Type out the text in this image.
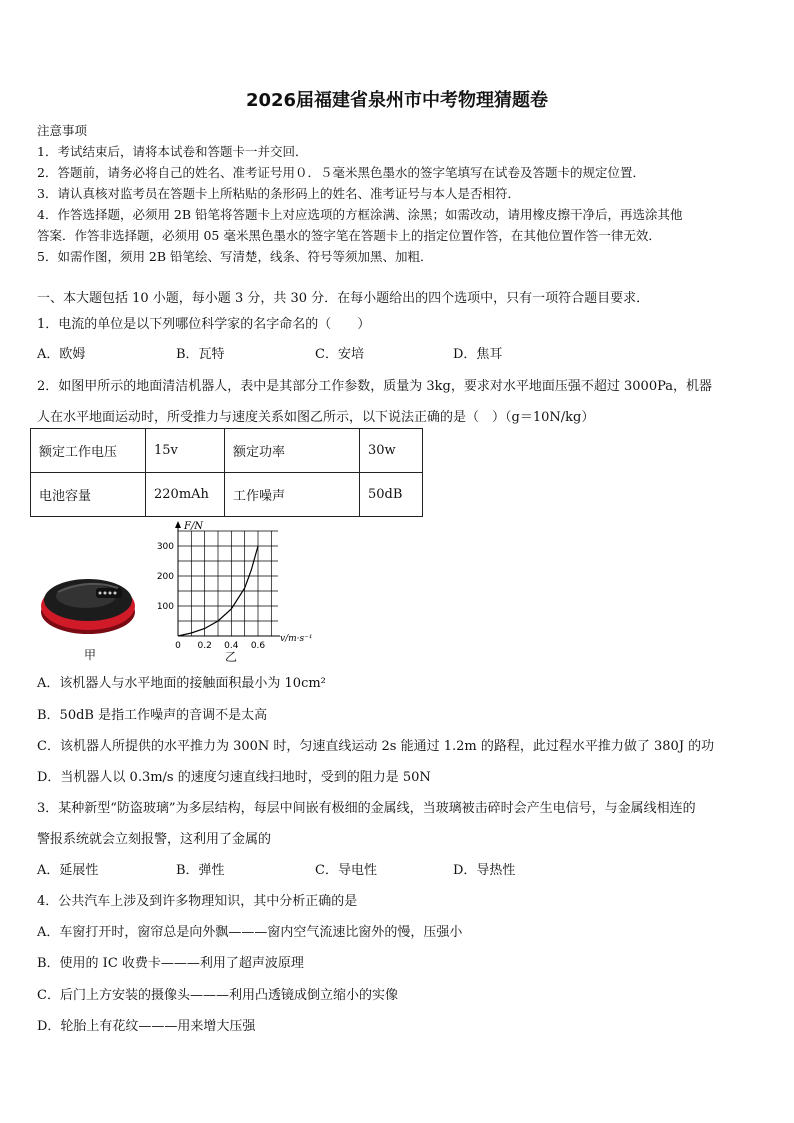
2026届福建省泉州市中考物理猜题卷
注意事项
1．考试结束后，请将本试卷和答题卡一并交回．
2．答题前，请务必将自己的姓名、准考证号用０．５毫米黑色墨水的签字笔填写在试卷及答题卡的规定位置．
3．请认真核对监考员在答题卡上所粘贴的条形码上的姓名、准考证号与本人是否相符．
4．作答选择题，必须用 2B 铅笔将答题卡上对应选项的方框涂满、涂黑；如需改动，请用橡皮擦干净后，再选涂其他
答案．作答非选择题，必须用 05 毫米黑色墨水的签字笔在答题卡上的指定位置作答，在其他位置作答一律无效．
5．如需作图，须用 2B 铅笔绘、写清楚，线条、符号等须加黑、加粗．
一、本大题包括 10 小题，每小题 3 分，共 30 分．在每小题给出的四个选项中，只有一项符合题目要求．
1．电流的单位是以下列哪位科学家的名字命名的（　　）
A．欧姆	B．瓦特	C．安培	D．焦耳
2．如图甲所示的地面清洁机器人，表中是其部分工作参数，质量为 3kg，要求对水平地面压强不超过 3000Pa，机器
人在水平地面运动时，所受推力与速度关系如图乙所示，以下说法正确的是（　）（g＝10N/kg）
额定工作电压	15v	额定功率	30w
电池容量	220mAh	工作噪声	50dB
甲
F/N
v/m·s⁻¹
0 0.2 0.4 0.6
100
200
300
乙
A．该机器人与水平地面的接触面积最小为 10cm²
B．50dB 是指工作噪声的音调不是太高
C．该机器人所提供的水平推力为 300N 时，匀速直线运动 2s 能通过 1.2m 的路程，此过程水平推力做了 380J 的功
D．当机器人以 0.3m/s 的速度匀速直线扫地时，受到的阻力是 50N
3．某种新型“防盗玻璃”为多层结构，每层中间嵌有极细的金属线，当玻璃被击碎时会产生电信号，与金属线相连的
警报系统就会立刻报警，这利用了金属的
A．延展性	B．弹性	C．导电性	D．导热性
4．公共汽车上涉及到许多物理知识，其中分析正确的是
A．车窗打开时，窗帘总是向外飘———窗内空气流速比窗外的慢，压强小
B．使用的 IC 收费卡———利用了超声波原理
C．后门上方安装的摄像头———利用凸透镜成倒立缩小的实像
D．轮胎上有花纹———用来增大压强
